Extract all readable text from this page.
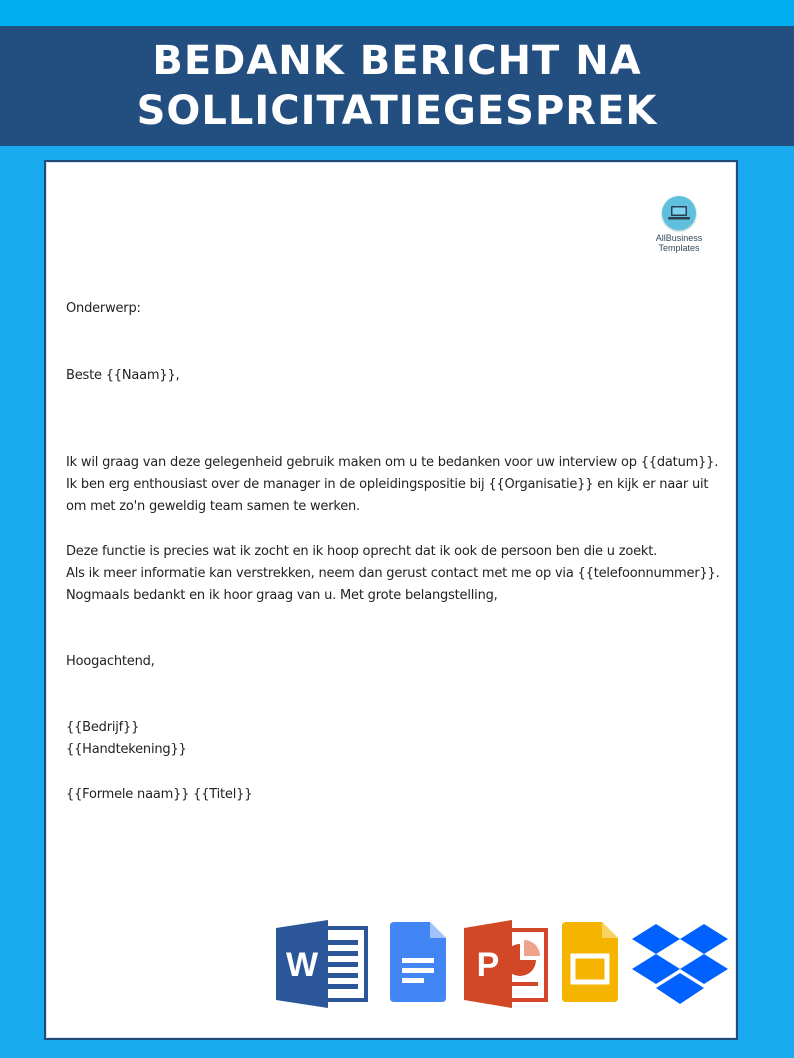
BEDANK BERICHT NA
SOLLICITATIEGESPREK
AllBusiness
Templates

Onderwerp:

Beste {{Naam}},

Ik wil graag van deze gelegenheid gebruik maken om u te bedanken voor uw interview op {{datum}}.

Ik ben erg enthousiast over de manager in de opleidingspositie bij {{Organisatie}} en kijk er naar uit

om met zo'n geweldig team samen te werken.

Deze functie is precies wat ik zocht en ik hoop oprecht dat ik ook de persoon ben die u zoekt.

Als ik meer informatie kan verstrekken, neem dan gerust contact met me op via {{telefoonnummer}}.

Nogmaals bedankt en ik hoor graag van u. Met grote belangstelling,

Hoogachtend,

{{Bedrijf}}

{{Handtekening}}

{{Formele naam}} {{Titel}}

W	P
